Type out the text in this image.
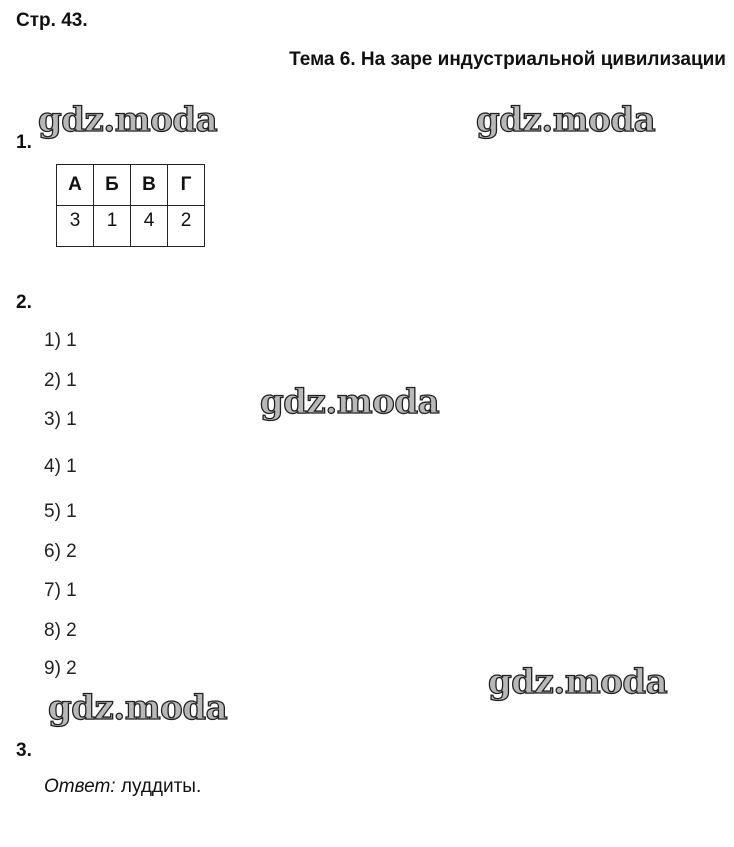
Стр. 43.
Тема 6. На заре индустриальной цивилизации
gdz.moda	gdz.moda
gdz.moda
gdz.moda
gdz.moda
1.
А	Б	В	Г
3	1	4	2
2.
1) 1
2) 1
3) 1
4) 1
5) 1
6) 2
7) 1
8) 2
9) 2
3.
Ответ: луддиты.
